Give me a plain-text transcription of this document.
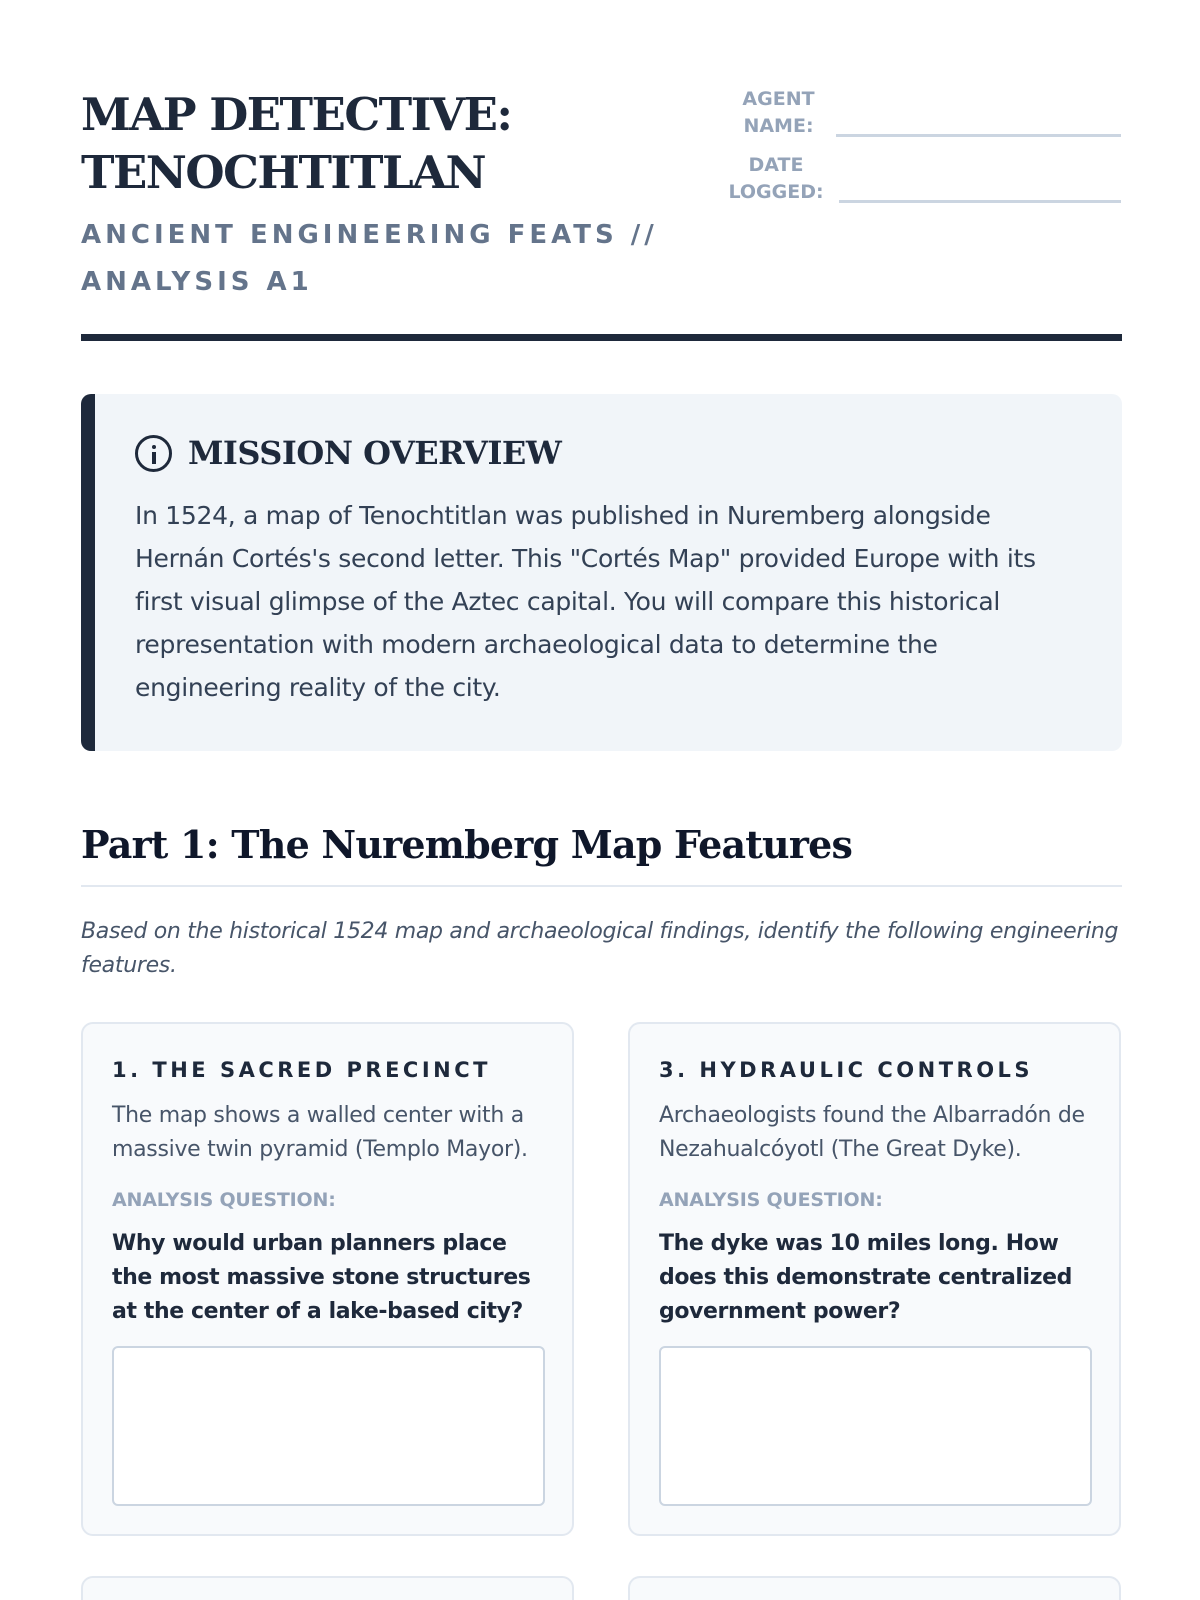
MAP DETECTIVE: TENOCHTITLAN
ANCIENT ENGINEERING FEATS // ANALYSIS A1
AGENT NAME:
DATE LOGGED:
MISSION OVERVIEW
In 1524, a map of Tenochtitlan was published in Nuremberg alongside Hernán Cortés's second letter. This "Cortés Map" provided Europe with its first visual glimpse of the Aztec capital. You will compare this historical representation with modern archaeological data to determine the engineering reality of the city.
Part 1: The Nuremberg Map Features
Based on the historical 1524 map and archaeological findings, identify the following engineering features.
1. THE SACRED PRECINCT
The map shows a walled center with a massive twin pyramid (Templo Mayor).
ANALYSIS QUESTION:
Why would urban planners place the most massive stone structures at the center of a lake-based city?
3. HYDRAULIC CONTROLS
Archaeologists found the Albarradón de Nezahualcóyotl (The Great Dyke).
ANALYSIS QUESTION:
The dyke was 10 miles long. How does this demonstrate centralized government power?
